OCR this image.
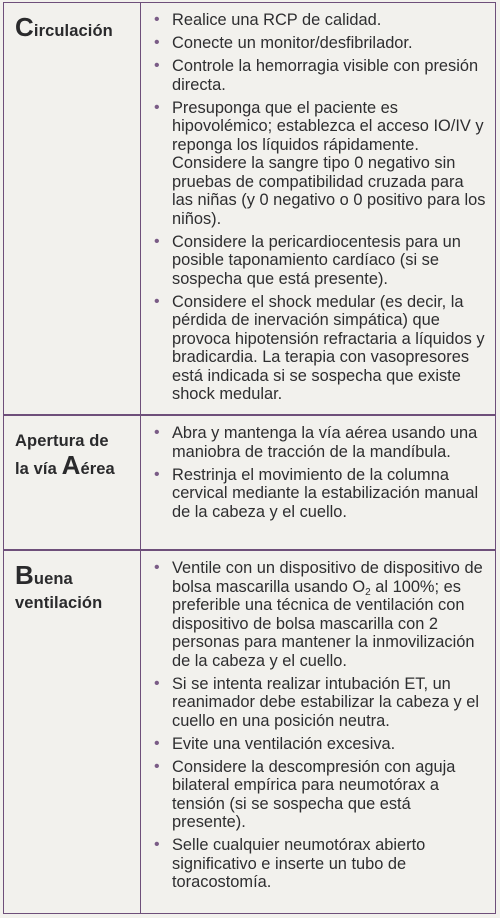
Circulación
• Realice una RCP de calidad.
• Conecte un monitor/desfibrilador.
• Controle la hemorragia visible con presión directa.
• Presuponga que el paciente es hipovolémico; establezca el acceso IO/IV y reponga los líquidos rápidamente. Considere la sangre tipo 0 negativo sin pruebas de compatibilidad cruzada para las niñas (y 0 negativo o 0 positivo para los niños).
• Considere la pericardiocentesis para un posible taponamiento cardíaco (si se sospecha que está presente).
• Considere el shock medular (es decir, la pérdida de inervación simpática) que provoca hipotensión refractaria a líquidos y bradicardia. La terapia con vasopresores está indicada si se sospecha que existe shock medular.
Apertura de
la vía Aérea
• Abra y mantenga la vía aérea usando una maniobra de tracción de la mandíbula.
• Restrinja el movimiento de la columna cervical mediante la estabilización manual de la cabeza y el cuello.
Buena
ventilación
• Ventile con un dispositivo de dispositivo de bolsa mascarilla usando $O_2$ al 100%; es preferible una técnica de ventilación con dispositivo de bolsa mascarilla con 2 personas para mantener la inmovilización de la cabeza y el cuello.
• Si se intenta realizar intubación ET, un reanimador debe estabilizar la cabeza y el cuello en una posición neutra.
• Evite una ventilación excesiva.
• Considere la descompresión con aguja bilateral empírica para neumotórax a tensión (si se sospecha que está presente).
• Selle cualquier neumotórax abierto significativo e inserte un tubo de toracostomía.
